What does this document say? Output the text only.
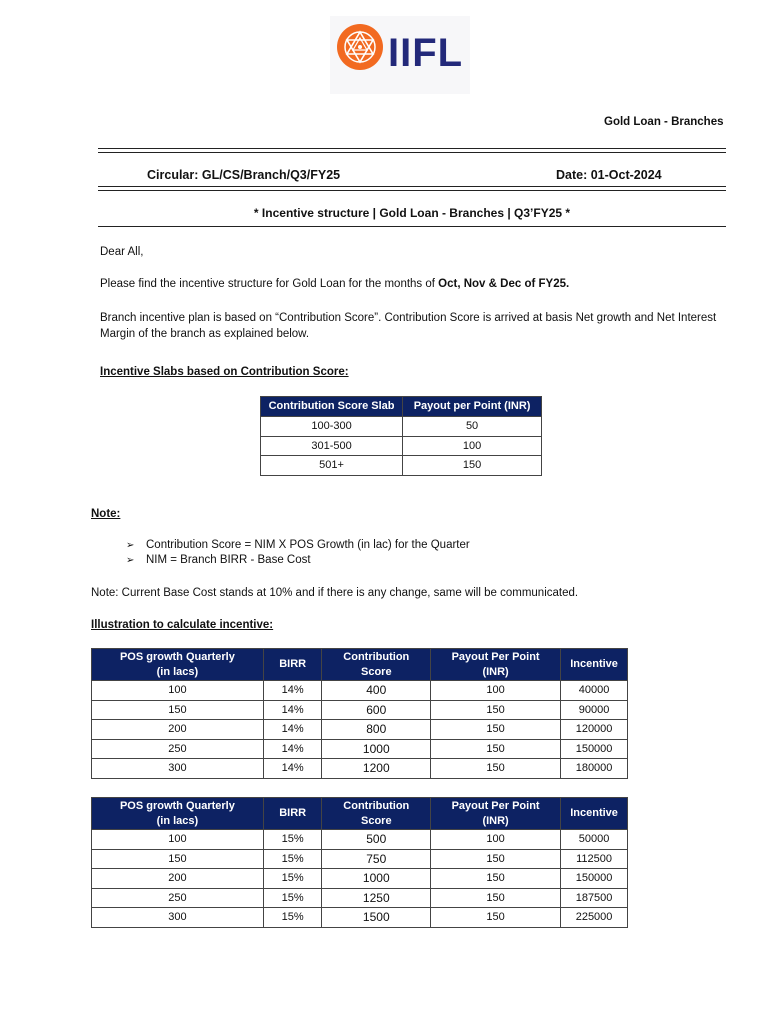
IIFL
Gold Loan - Branches
Circular: GL/CS/Branch/Q3/FY25	Date: 01-Oct-2024
* Incentive structure | Gold Loan - Branches | Q3’FY25 *

Dear All,

Please find the incentive structure for Gold Loan for the months of Oct, Nov & Dec of FY25.

Branch incentive plan is based on “Contribution Score”. Contribution Score is arrived at basis Net growth and Net Interest

Margin of the branch as explained below.

Incentive Slabs based on Contribution Score:

Contribution Score Slab	Payout per Point (INR)
100-300	50
301-500	100
501+	150

Note:

➢ Contribution Score = NIM X POS Growth (in lac) for the Quarter
➢ NIM = Branch BIRR - Base Cost

Note: Current Base Cost stands at 10% and if there is any change, same will be communicated.

Illustration to calculate incentive:

POS growth Quarterly
(in lacs)	BIRR	Contribution
Score	Payout Per Point
(INR)	Incentive
100	14%	400	100	40000
150	14%	600	150	90000
200	14%	800	150	120000
250	14%	1000	150	150000
300	14%	1200	150	180000
POS growth Quarterly
(in lacs)	BIRR	Contribution
Score	Payout Per Point
(INR)	Incentive
100	15%	500	100	50000
150	15%	750	150	112500
200	15%	1000	150	150000
250	15%	1250	150	187500
300	15%	1500	150	225000
